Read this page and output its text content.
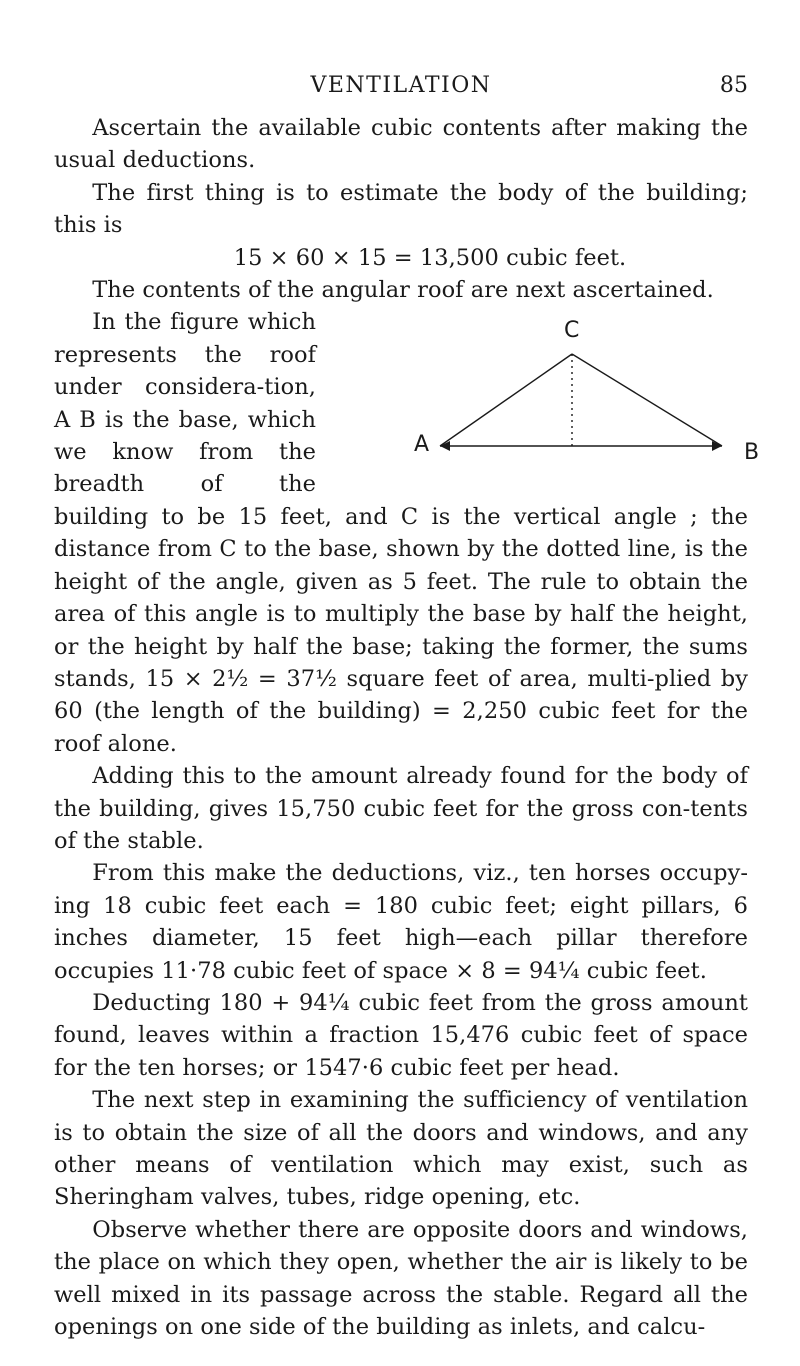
VENTILATION	85

Ascertain the available cubic contents after making the usual deductions.

The first thing is to estimate the body of the building; this is

15 × 60 × 15 = 13,500 cubic feet.

The contents of the angular roof are next ascertained.

C
A	B

In the figure which represents the roof under considera-tion, A B is the base, which we know from the breadth of the building to be 15 feet, and C is the vertical angle ; the distance from C to the base, shown by the dotted line, is the height of the angle, given as 5 feet. The rule to obtain the area of this angle is to multiply the base by half the height, or the height by half the base; taking the former, the sums stands, 15 × 2½ = 37½ square feet of area, multi-plied by 60 (the length of the building) = 2,250 cubic feet for the roof alone.

Adding this to the amount already found for the body of the building, gives 15,750 cubic feet for the gross con-tents of the stable.

From this make the deductions, viz., ten horses occupy-ing 18 cubic feet each = 180 cubic feet; eight pillars, 6 inches diameter, 15 feet high—each pillar therefore occupies 11·78 cubic feet of space × 8 = 94¼ cubic feet.

Deducting 180 + 94¼ cubic feet from the gross amount found, leaves within a fraction 15,476 cubic feet of space for the ten horses; or 1547·6 cubic feet per head.

The next step in examining the sufficiency of ventilation is to obtain the size of all the doors and windows, and any other means of ventilation which may exist, such as Sheringham valves, tubes, ridge opening, etc.

Observe whether there are opposite doors and windows, the place on which they open, whether the air is likely to be well mixed in its passage across the stable. Regard all the openings on one side of the building as inlets, and calcu-
